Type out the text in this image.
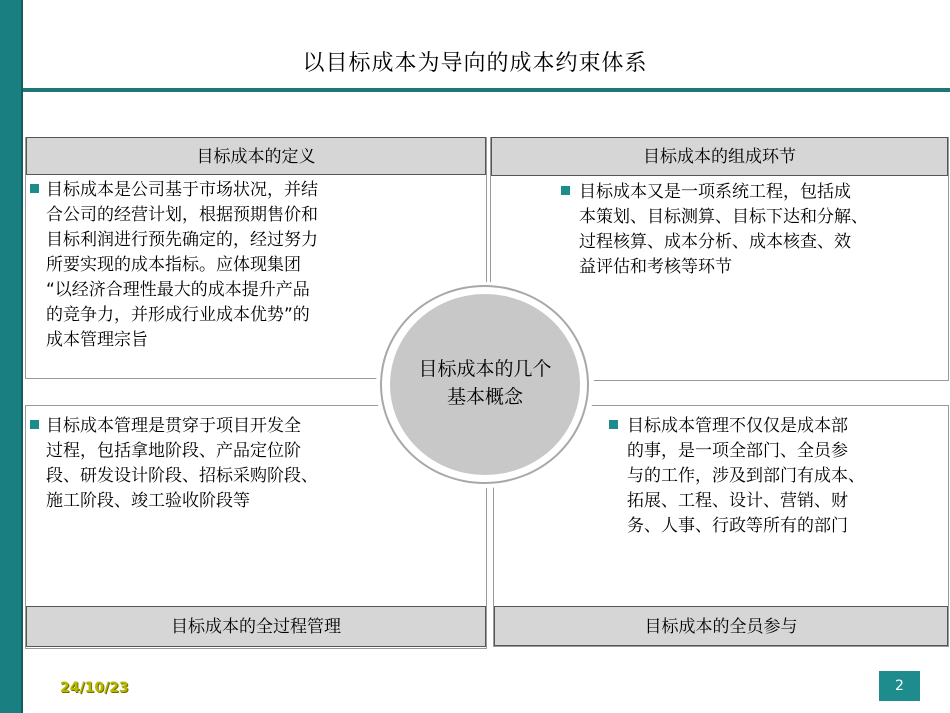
以目标成本为导向的成本约束体系
目标成本的定义
目标成本是公司基于市场状况，并结
合公司的经营计划，根据预期售价和
目标利润进行预先确定的，经过努力
所要实现的成本指标。应体现集团
“以经济合理性最大的成本提升产品
的竞争力，并形成行业成本优势”的
成本管理宗旨
目标成本的组成环节
目标成本又是一项系统工程，包括成
本策划、目标测算、目标下达和分解、
过程核算、成本分析、成本核查、效
益评估和考核等环节
目标成本的全过程管理
目标成本管理是贯穿于项目开发全
过程，包括拿地阶段、产品定位阶
段、研发设计阶段、招标采购阶段、
施工阶段、竣工验收阶段等
目标成本的全员参与
目标成本管理不仅仅是成本部
的事，是一项全部门、全员参
与的工作，涉及到部门有成本、
拓展、工程、设计、营销、财
务、人事、行政等所有的部门
目标成本的几个
基本概念
24/10/23	2
